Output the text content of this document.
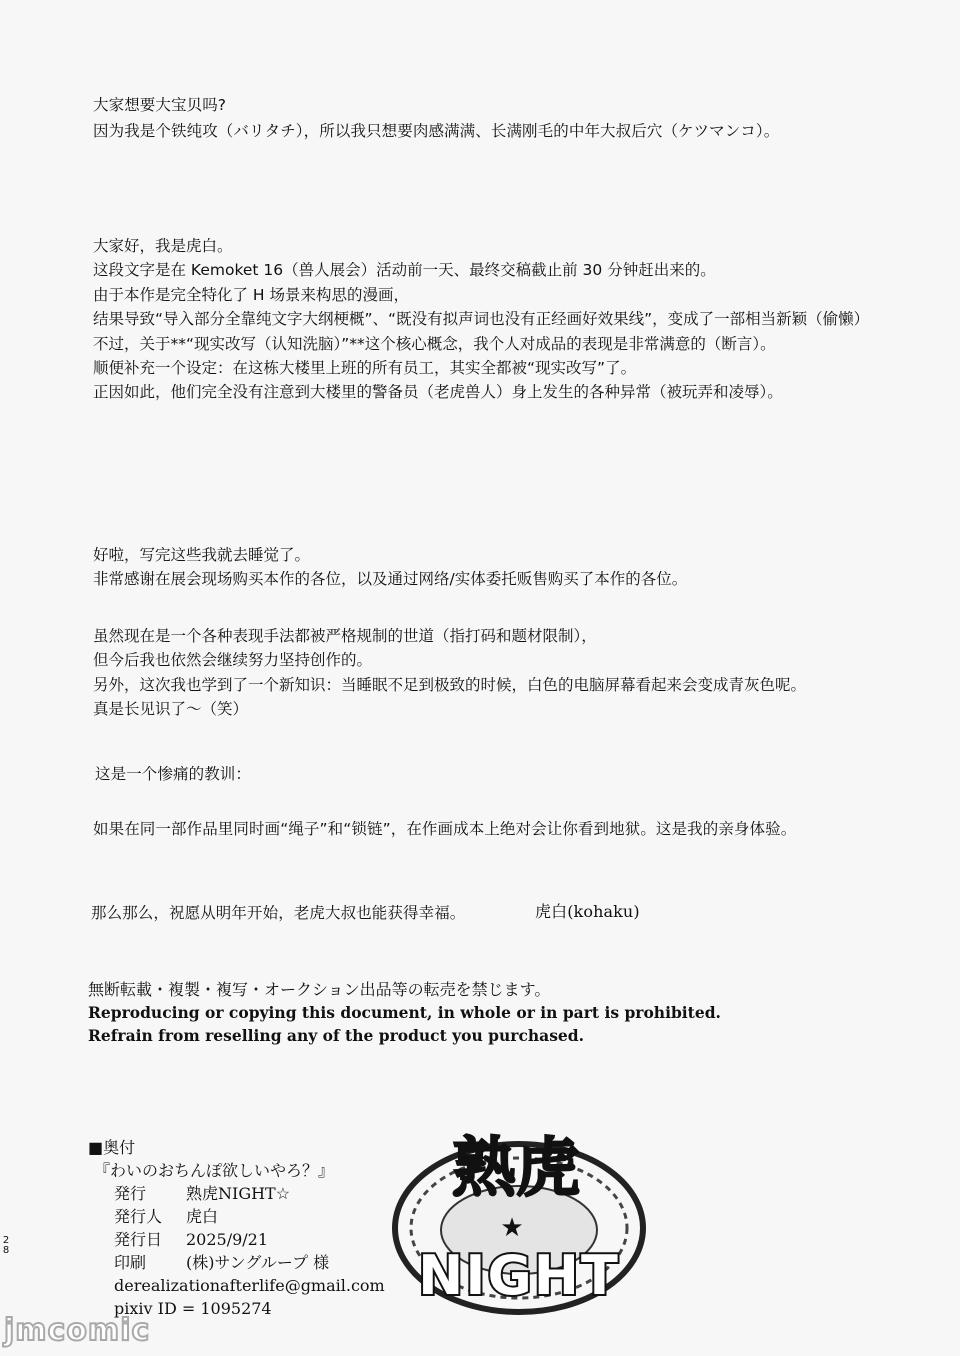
大家想要大宝贝吗?
因为我是个铁纯攻（バリタチ），所以我只想要肉感满满、长满刚毛的中年大叔后穴（ケツマンコ）。
大家好，我是虎白。
这段文字是在 Kemoket 16（兽人展会）活动前一天、最终交稿截止前 30 分钟赶出来的。
由于本作是完全特化了 H 场景来构思的漫画，
结果导致“导入部分全靠纯文字大纲梗概”、“既没有拟声词也没有正经画好效果线”，变成了一部相当新颖（偷懒）
不过，关于**“现实改写（认知洗脑）”**这个核心概念，我个人对成品的表现是非常满意的（断言）。
顺便补充一个设定：在这栋大楼里上班的所有员工，其实全都被“现实改写”了。
正因如此，他们完全没有注意到大楼里的警备员（老虎兽人）身上发生的各种异常（被玩弄和凌辱）。
好啦，写完这些我就去睡觉了。
非常感谢在展会现场购买本作的各位，以及通过网络/实体委托贩售购买了本作的各位。
虽然现在是一个各种表现手法都被严格规制的世道（指打码和题材限制），
但今后我也依然会继续努力坚持创作的。
另外，这次我也学到了一个新知识：当睡眠不足到极致的时候，白色的电脑屏幕看起来会变成青灰色呢。
真是长见识了～（笑）
这是一个惨痛的教训：
如果在同一部作品里同时画“绳子”和“锁链”，在作画成本上绝对会让你看到地狱。这是我的亲身体验。
那么那么，祝愿从明年开始，老虎大叔也能获得幸福。	虎白(kohaku)
無断転載・複製・複写・オークション出品等の転売を禁じます。
Reproducing or copying this document, in whole or in part is prohibited.
Refrain from reselling any of the product you purchased.
■奥付
『わいのおちんぽ欲しいやろ？』
発行	熟虎NIGHT☆
発行人	虎白
発行日	2025/9/21
印刷	(株)サングループ 様
derealizationafterlife@gmail.com
pixiv ID = 1095274
28
熟虎
★
NIGHT
jmcomic
